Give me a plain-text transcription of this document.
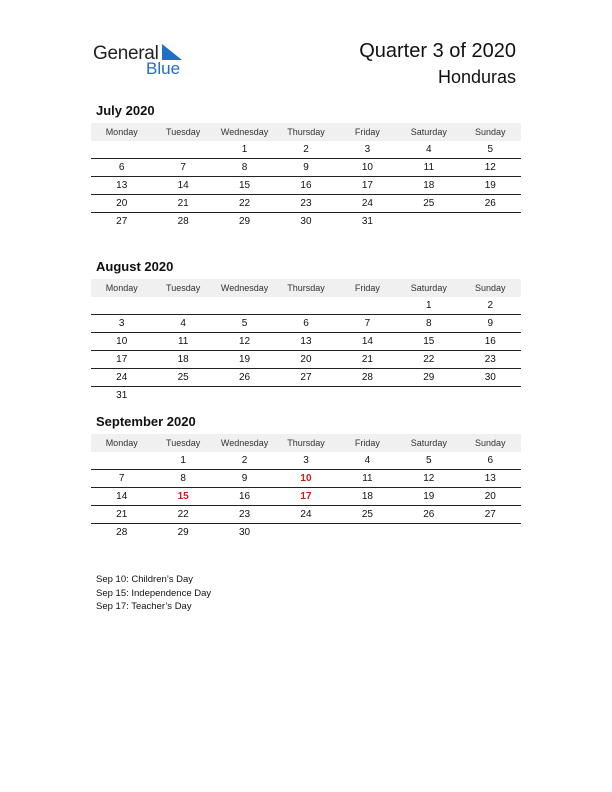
General
Blue
Quarter 3 of 2020
Honduras
July 2020
Monday	Tuesday	Wednesday	Thursday	Friday	Saturday	Sunday
		1	2	3	4	5
6	7	8	9	10	11	12
13	14	15	16	17	18	19
20	21	22	23	24	25	26
27	28	29	30	31		
August 2020
Monday	Tuesday	Wednesday	Thursday	Friday	Saturday	Sunday
					1	2
3	4	5	6	7	8	9
10	11	12	13	14	15	16
17	18	19	20	21	22	23
24	25	26	27	28	29	30
31						
September 2020
Monday	Tuesday	Wednesday	Thursday	Friday	Saturday	Sunday
	1	2	3	4	5	6
7	8	9	10	11	12	13
14	15	16	17	18	19	20
21	22	23	24	25	26	27
28	29	30				
Sep 10: Children’s Day
Sep 15: Independence Day
Sep 17: Teacher’s Day
